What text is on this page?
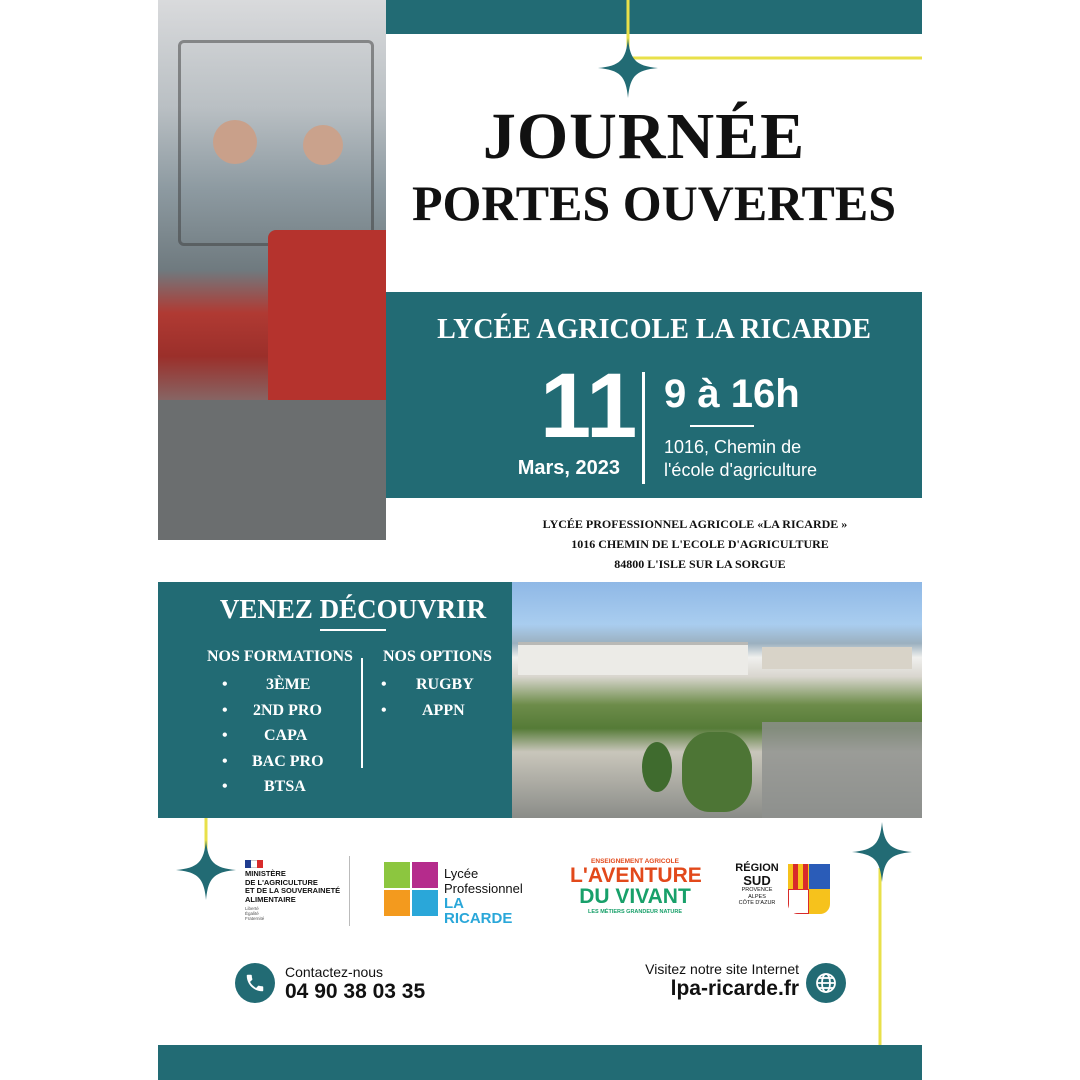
JOURNÉE
PORTES OUVERTES
LYCÉE AGRICOLE LA RICARDE
11
Mars, 2023
9 à 16h
1016, Chemin de
l'école d'agriculture
LYCÉE PROFESSIONNEL AGRICOLE «LA RICARDE »
1016 CHEMIN DE L'ECOLE D'AGRICULTURE
84800 L'ISLE SUR LA SORGUE
VENEZ DÉCOUVRIR
NOS FORMATIONS NOS OPTIONS
• 3ÈME
• 2ND PRO
• CAPA
• BAC PRO
• BTSA
• RUGBY
• APPN
MINISTÈRE
DE L'AGRICULTURE
ET DE LA SOUVERAINETÉ
ALIMENTAIRE
Liberté
Égalité
Fraternité
Lycée
Professionnel
LA RICARDE
ENSEIGNEMENT AGRICOLE
L'AVENTURE
DU VIVANT
LES MÉTIERS GRANDEUR NATURE
RÉGION
SUD
PROVENCE
ALPES
CÔTE D'AZUR
Contactez-nous
04 90 38 03 35
Visitez notre site Internet
lpa-ricarde.fr
